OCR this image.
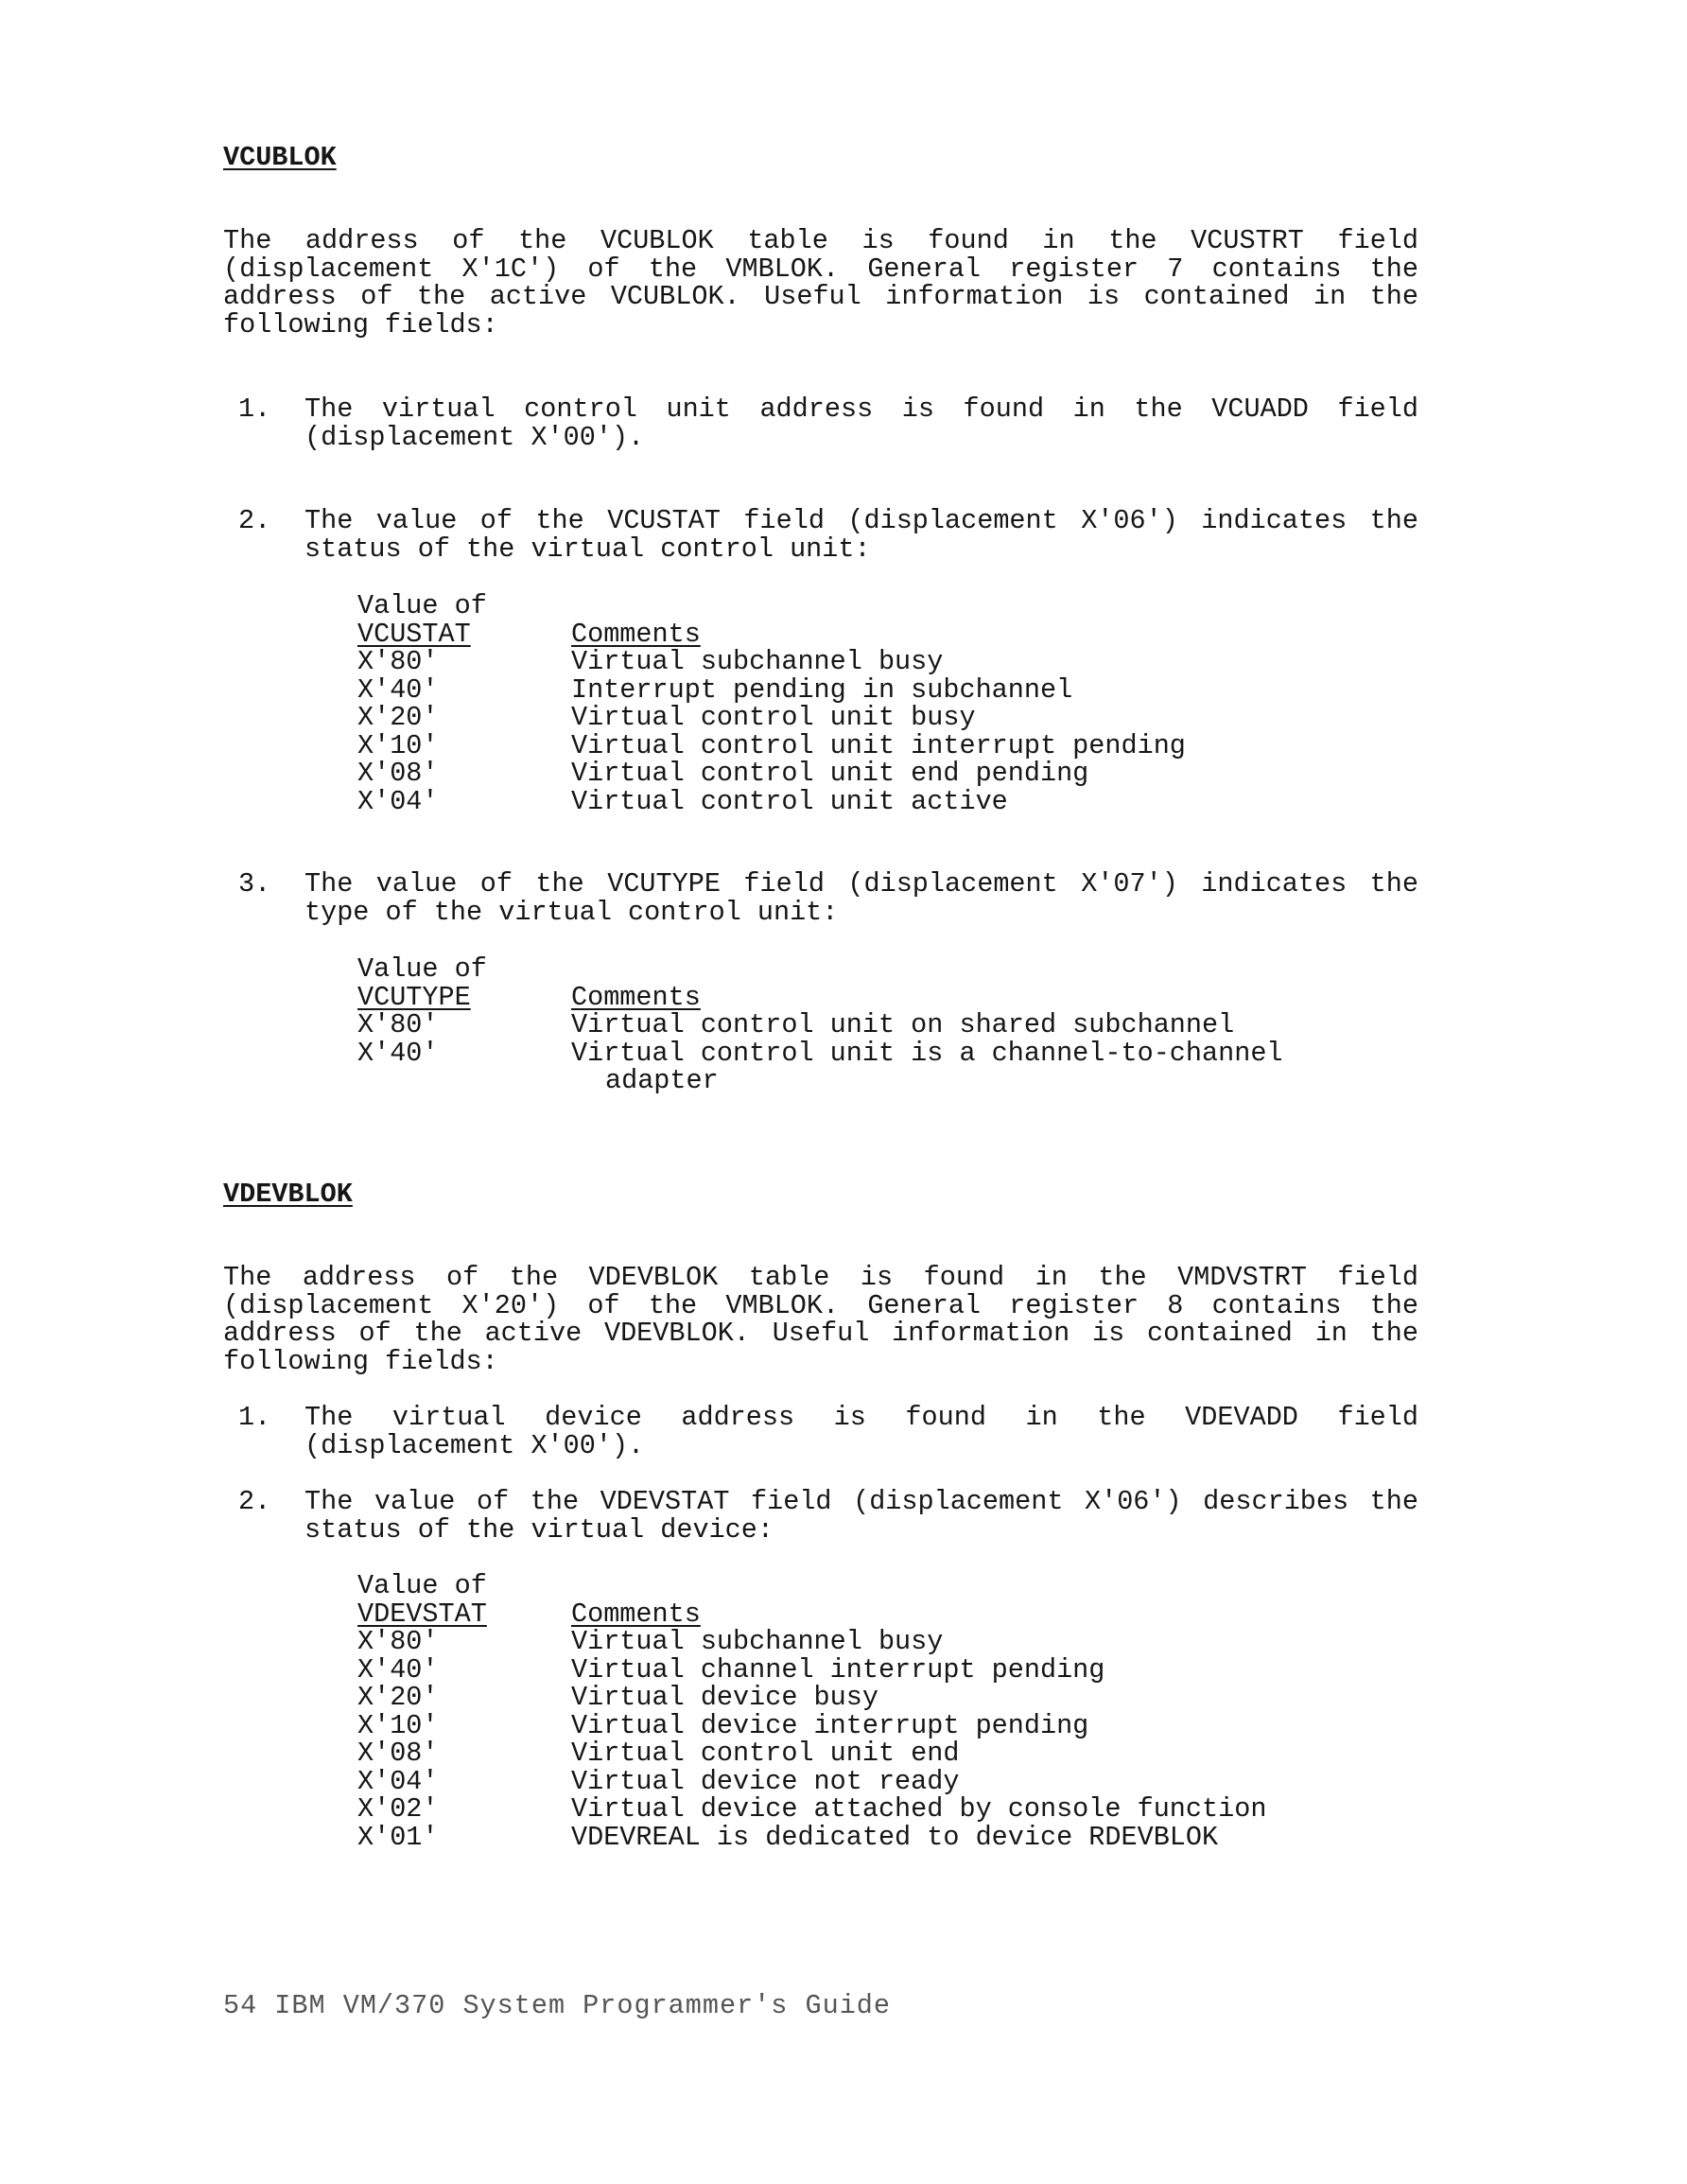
VCUBLOK
The address of the VCUBLOK table is found in the VCUSTRT field (displacement X'1C') of the VMBLOK. General register 7 contains the address of the active VCUBLOK. Useful information is contained in the following fields:
1.	The virtual control unit address is found in the VCUADD field (displacement X'00').
2.	The value of the VCUSTAT field (displacement X'06') indicates the status of the virtual control unit:
Value of
VCUSTAT	Comments
X'80'	Virtual subchannel busy
X'40'	Interrupt pending in subchannel
X'20'	Virtual control unit busy
X'10'	Virtual control unit interrupt pending
X'08'	Virtual control unit end pending
X'04'	Virtual control unit active
3.	The value of the VCUTYPE field (displacement X'07') indicates the type of the virtual control unit:
Value of
VCUTYPE	Comments
X'80'	Virtual control unit on shared subchannel
X'40'	Virtual control unit is a channel-to-channel
adapter
VDEVBLOK
The address of the VDEVBLOK table is found in the VMDVSTRT field (displacement X'20') of the VMBLOK. General register 8 contains the address of the active VDEVBLOK. Useful information is contained in the following fields:
1.	The virtual device address is found in the VDEVADD field (displacement X'00').
2.	The value of the VDEVSTAT field (displacement X'06') describes the status of the virtual device:
Value of
VDEVSTAT	Comments
X'80'	Virtual subchannel busy
X'40'	Virtual channel interrupt pending
X'20'	Virtual device busy
X'10'	Virtual device interrupt pending
X'08'	Virtual control unit end
X'04'	Virtual device not ready
X'02'	Virtual device attached by console function
X'01'	VDEVREAL is dedicated to device RDEVBLOK
54 IBM VM/370 System Programmer's Guide
